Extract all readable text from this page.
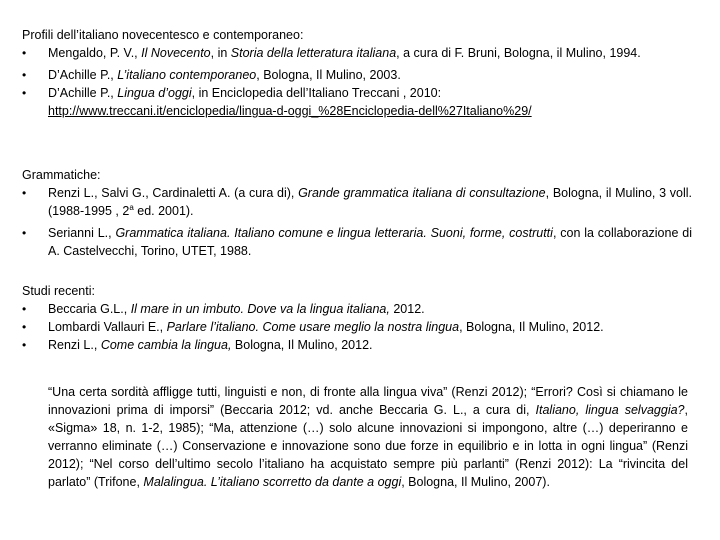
Profili dell’italiano novecentesco e contemporaneo:
• Mengaldo, P. V., Il Novecento, in Storia della letteratura italiana, a cura di F. Bruni, Bologna, il Mulino, 1994.
• D’Achille P., L’italiano contemporaneo, Bologna, Il Mulino, 2003.
• D’Achille P., Lingua d’oggi, in Enciclopedia dell’Italiano Treccani , 2010:
http://www.treccani.it/enciclopedia/lingua-d-oggi_%28Enciclopedia-dell%27Italiano%29/
Grammatiche:
• Renzi L., Salvi G., Cardinaletti A. (a cura di), Grande grammatica italiana di consultazione, Bologna, il Mulino, 3 voll. (1988-1995 , 2$^a$ ed. 2001).
• Serianni L., Grammatica italiana. Italiano comune e lingua letteraria. Suoni, forme, costrutti, con la collaborazione di A. Castelvecchi, Torino, UTET, 1988.
Studi recenti:
• Beccaria G.L., Il mare in un imbuto. Dove va la lingua italiana, 2012.
• Lombardi Vallauri E., Parlare l’italiano. Come usare meglio la nostra lingua, Bologna, Il Mulino, 2012.
• Renzi L., Come cambia la lingua, Bologna, Il Mulino, 2012.
“Una certa sordità affligge tutti, linguisti e non, di fronte alla lingua viva” (Renzi 2012); “Errori? Così si chiamano le innovazioni prima di imporsi” (Beccaria 2012; vd. anche Beccaria G. L., a cura di, Italiano, lingua selvaggia?, «Sigma» 18, n. 1-2, 1985); “Ma, attenzione (…) solo alcune innovazioni si impongono, altre (…) deperiranno e verranno eliminate (…) Conservazione e innovazione sono due forze in equilibrio e in lotta in ogni lingua” (Renzi 2012); “Nel corso dell’ultimo secolo l’italiano ha acquistato sempre più parlanti” (Renzi 2012): La “rivincita del parlato” (Trifone, Malalingua. L’italiano scorretto da dante a oggi, Bologna, Il Mulino, 2007).
